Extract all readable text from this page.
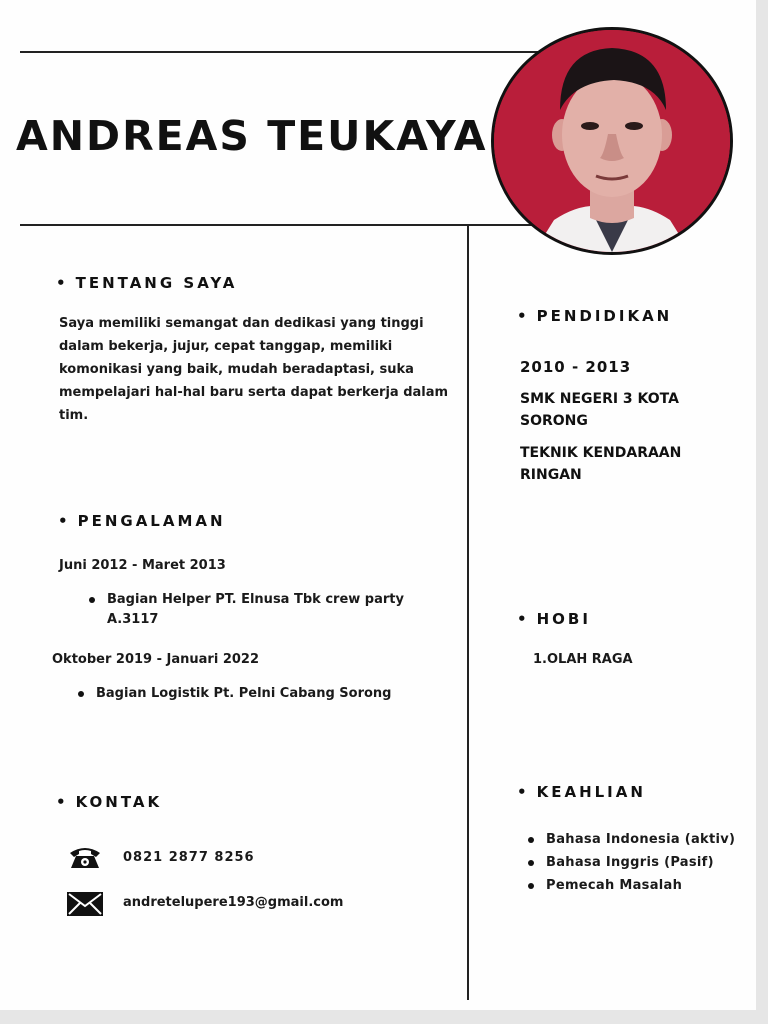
ANDREAS TEUKAYA
• TENTANG SAYA
Saya memiliki semangat dan dedikasi yang tinggi dalam bekerja, jujur, cepat tanggap, memiliki komonikasi yang baik, mudah beradaptasi, suka mempelajari hal-hal baru serta dapat berkerja dalam tim.
• PENGALAMAN
Juni 2012 - Maret 2013
Bagian Helper PT. Elnusa Tbk crew party A.3117
Oktober 2019 - Januari 2022
Bagian Logistik Pt. Pelni Cabang Sorong
• KONTAK
0821 2877 8256
andretelupere193@gmail.com
• PENDIDIKAN
2010 - 2013
SMK NEGERI 3 KOTA SORONG
TEKNIK KENDARAAN RINGAN
• HOBI
1.OLAH RAGA
• KEAHLIAN
Bahasa Indonesia (aktiv)
Bahasa Inggris (Pasif)
Pemecah Masalah
